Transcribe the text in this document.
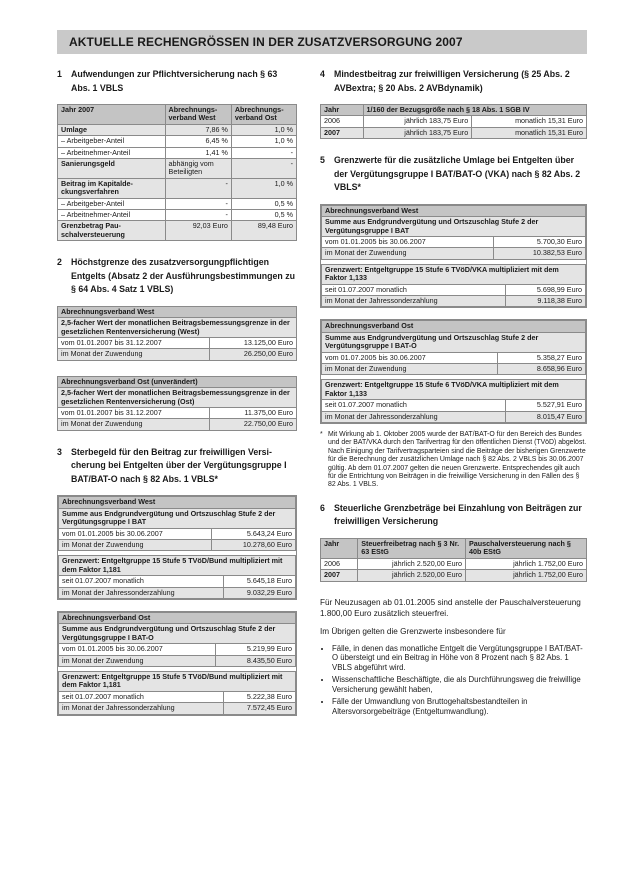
AKTUELLE RECHENGRÖSSEN IN DER ZUSATZVERSORGUNG 2007
1	Aufwendungen zur Pflichtversicherung nach § 63 Abs. 1 VBLS
Jahr 2007	Abrechnungsverband West	Abrechnungsverband Ost
Umlage	7,86 %	1,0 %
– Arbeitgeber-Anteil	6,45 %	1,0 %
– Arbeitnehmer-Anteil	1,41 %	-
Sanierungsgeld	abhängig vom Beteiligten	-
Beitrag im Kapitaldeckungsverfahren	-	1,0 %
– Arbeitgeber-Anteil	-	0,5 %
– Arbeitnehmer-Anteil	-	0,5 %
Grenzbetrag Pauschalversteuerung	92,03 Euro	89,48 Euro
2	Höchstgrenze des zusatzversorgungpflichtigen Entgelts (Absatz 2 der Ausführungsbestimmungen zu § 64 Abs. 4 Satz 1 VBLS)
Abrechnungsverband West	
2,5-facher Wert der monatlichen Beitragsbemessungsgrenze in der gesetzlichen Rentenversicherung (West)	
vom 01.01.2007 bis 31.12.2007	13.125,00 Euro
im Monat der Zuwendung	26.250,00 Euro
Abrechnungsverband Ost (unverändert)	
2,5-facher Wert der monatlichen Beitragsbemessungsgrenze in der gesetzlichen Rentenversicherung (Ost)	
vom 01.01.2007 bis 31.12.2007	11.375,00 Euro
im Monat der Zuwendung	22.750,00 Euro
3	Sterbegeld für den Beitrag zur freiwilligen Versicherung bei Entgelten über der Vergütungsgruppe I BAT/BAT-O nach § 82 Abs. 1 VBLS*
Abrechnungsverband West	
Summe aus Endgrundvergütung und Ortszuschlag Stufe 2 der Vergütungsgruppe I BAT	
vom 01.01.2005 bis 30.06.2007	5.643,24 Euro
im Monat der Zuwendung	10.278,60 Euro
Grenzwert: Entgeltgruppe 15 Stufe 5 TVöD/Bund multipliziert mit dem Faktor 1,181	
seit 01.07.2007 monatlich	5.645,18 Euro
im Monat der Jahressonderzahlung	9.032,29 Euro
Abrechnungsverband Ost	
Summe aus Endgrundvergütung und Ortszuschlag Stufe 2 der Vergütungsgruppe I BAT-O	
vom 01.01.2005 bis 30.06.2007	5.219,99 Euro
im Monat der Zuwendung	8.435,50 Euro
Grenzwert: Entgeltgruppe 15 Stufe 5 TVöD/Bund multipliziert mit dem Faktor 1,181	
seit 01.07.2007 monatlich	5.222,38 Euro
im Monat der Jahressonderzahlung	7.572,45 Euro
4	Mindestbeitrag zur freiwilligen Versicherung (§ 25 Abs. 2 AVBextra; § 20 Abs. 2 AVBdynamik)
Jahr	1/160 der Bezugsgröße nach § 18 Abs. 1 SGB IV	
2006	jährlich 183,75 Euro	monatlich 15,31 Euro
2007	jährlich 183,75 Euro	monatlich 15,31 Euro
5	Grenzwerte für die zusätzliche Umlage bei Entgelten über der Vergütungsgruppe I BAT/BAT-O (VKA) nach § 82 Abs. 2 VBLS*
Abrechnungsverband West	
Summe aus Endgrundvergütung und Ortszuschlag Stufe 2 der Vergütungsgruppe I BAT	
vom 01.01.2005 bis 30.06.2007	5.700,30 Euro
im Monat der Zuwendung	10.382,53 Euro
Grenzwert: Entgeltgruppe 15 Stufe 6 TVöD/VKA multipliziert mit dem Faktor 1,133	
seit 01.07.2007 monatlich	5.698,99 Euro
im Monat der Jahressonderzahlung	9.118,38 Euro
Abrechnungsverband Ost	
Summe aus Endgrundvergütung und Ortszuschlag Stufe 2 der Vergütungsgruppe I BAT-O	
vom 01.07.2005 bis 30.06.2007	5.358,27 Euro
im Monat der Zuwendung	8.658,96 Euro
Grenzwert: Entgeltgruppe 15 Stufe 6 TVöD/VKA multipliziert mit dem Faktor 1,133	
seit 01.07.2007 monatlich	5.527,91 Euro
im Monat der Jahressonderzahlung	8.015,47 Euro
* Mit Wirkung ab 1. Oktober 2005 wurde der BAT/BAT-O für den Bereich des Bundes und der BAT/VKA durch den Tarifvertrag für den öffentlichen Dienst (TVöD) abgelöst. Nach Einigung der Tarifvertragsparteien sind die Beiträge der bisherigen Grenzwerte für die Berechnung der zusätzlichen Umlage nach § 82 Abs. 2 VBLS bis 30.06.2007 gültig. Ab dem 01.07.2007 gelten die neuen Grenzwerte. Entsprechendes gilt auch für die Entrichtung von Beiträgen in die freiwillige Versicherung in den Fällen des § 82 Abs. 1 VBLS.
6	Steuerliche Grenzbeträge bei Einzahlung von Beiträgen zur freiwilligen Versicherung
Jahr	Steuerfreibetrag nach § 3 Nr. 63 EStG	Pauschalversteuerung nach § 40b EStG
2006	jährlich 2.520,00 Euro	jährlich 1.752,00 Euro
2007	jährlich 2.520,00 Euro	jährlich 1.752,00 Euro
Für Neuzusagen ab 01.01.2005 sind anstelle der Pauschalversteuerung 1.800,00 Euro zusätzlich steuerfrei.
Im Übrigen gelten die Grenzwerte insbesondere für
• Fälle, in denen das monatliche Entgelt die Vergütungsgruppe I BAT/BAT-O übersteigt und ein Beitrag in Höhe von 8 Prozent nach § 82 Abs. 1 VBLS abgeführt wird.
• Wissenschaftliche Beschäftigte, die als Durchführungsweg die freiwillige Versicherung gewählt haben,
• Fälle der Umwandlung von Bruttogehaltsbestandteilen in Altersvorsorgebeiträge (Entgeltumwandlung).
